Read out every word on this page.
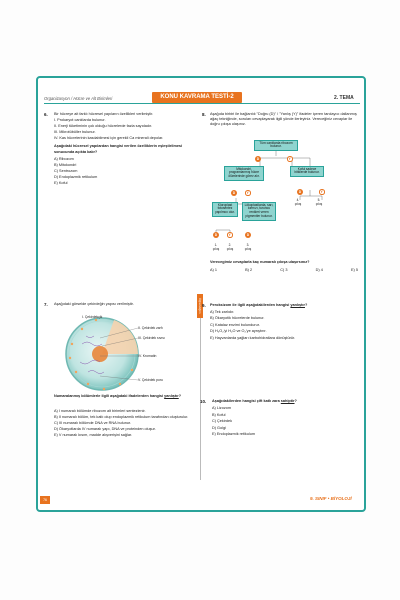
Organizasyon / Hücre ve Alt Birimleri	KONU KAVRAMA TESTİ-2	2. TEMA
6. Bir hücreye ait farklı hücresel yapıların özellikleri verilmiştir.
I. Prokaryot canlılarda bulunur.
II. Enerji tüketiminin çok olduğu hücrelerde fazla sayıdadır.
III. Mikrotübüller bulunur.
IV. Kas hücrelerinin kasılabilmesi için gerekli Ca minerali depolar.
Aşağıdaki hücresel yapılardan hangisi verilen özelliklerin eşleştirilmesi sonucunda açıkta kalır?
A) Ribozom
B) Mitokondri
C) Sentrozom
D) Endoplazmik retikulum
E) Koful
8. Aşağıda birbiri ile bağlantılı "Doğru (D)" / "Yanlış (Y)" ifadeler içeren tanılayıcı dallanmış ağaç tekniğinde, soruları cevaplayarak ilgili yönde ilerleyiniz. Vereceğiniz cevaplar ile doğru çıkışa ulaşınız.
Tüm canlılarda ribozom bulunur.
D	Y
Mitokondri, programlanmış hücre ölümlerinde görev alır.
Koful sadece bitkilerde bulunur.
D	Y	D	Y
Kloroplast fotosentez yapılmıcı olur.
Lökoplastlarda, sarı, kırmızı, turuncu renkleri veren pigmentler bulunur.
4. çıkış
5. çıkış
D	Y	D
1. çıkış
2. çıkış
3. çıkış
Verecegimiz cevaplarla kaç numaralı çıkışa ulaşırsınız?
A) 1	B) 2	C) 3	D) 4	E) 5
Öğrendiğim
7. Aşağıdaki görselde çekirdeğin yapısı verilmiştir.
I. Çekirdekçik
II. Çekirdek zarfı
III. Çekirdek sıvısı
IV. Kromatin
V. Çekirdek poru
Numaralanmış bölümlerle ilgili aşağıdaki ifadelerden hangisi yanlıştır?
A) I numaralı bölümde ribozom alt birimleri sentezlenir.
B) II numaralı bölüm, tek katlı olup endoplazmik retikulum tarafından oluşturulur.
C) III numaralı bölümde DNA ve RNA bulunur.
D) Ökaryotlarda IV numaralı yapı, DNA ve proteinden oluşur.
E) V numaralı kısım, madde alışverişini sağlar.
9. Peroksizom ile ilgili aşağıdakilerden hangisi yanlıştır?
A) Tek zarlıdır.
B) Ökaryotik hücrelerde bulunur.
C) Katalaz enzimi bulundurur.
D) H₂O₂'yi H₂O ve O₂'ye ayrıştırır.
E) Hayvanlarda yağları karbohidratlara dönüştürür.
10. Aşağıdakilerden hangisi çift katlı zara sahiptir?
A) Lizozom
B) Koful
C) Çekirdek
D) Golgi
E) Endoplazmik retikulum
76	9. SINIF • BİYOLOJİ
